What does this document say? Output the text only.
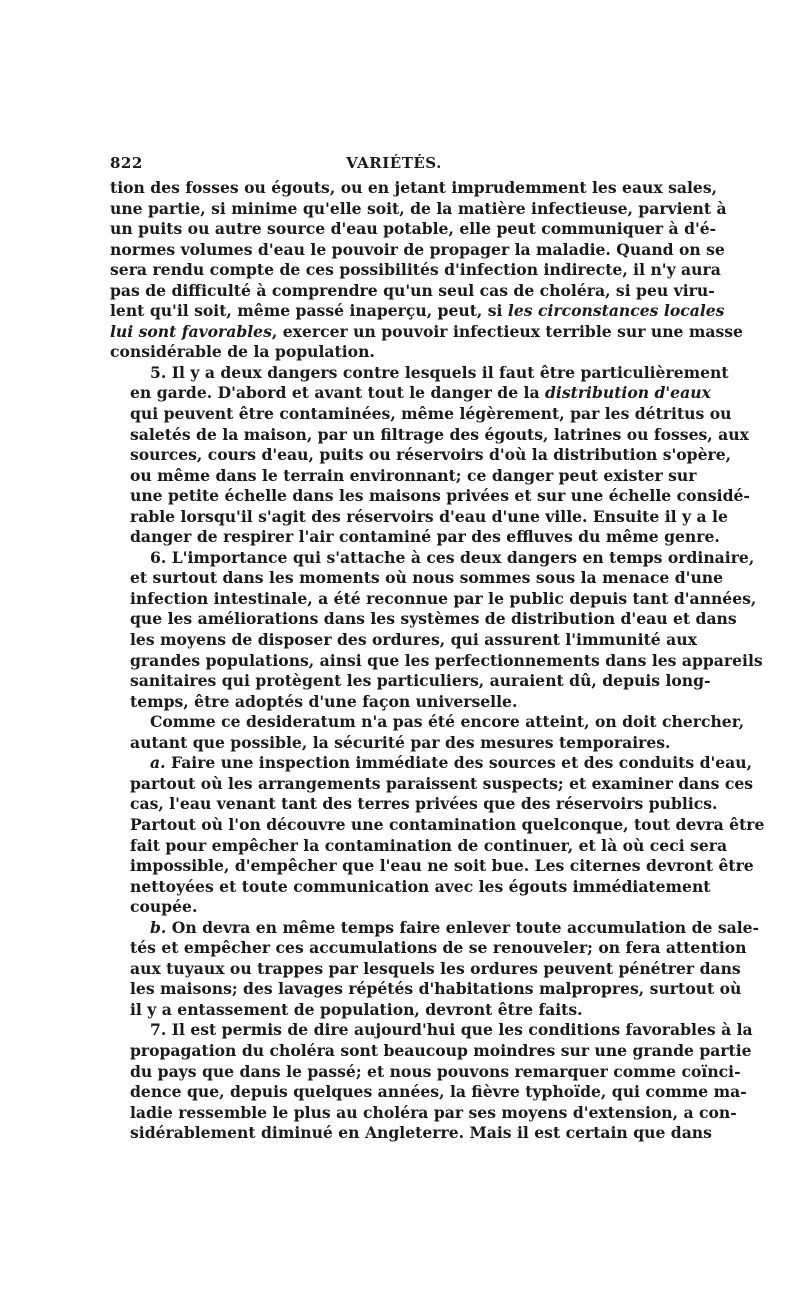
822	VARIÉTÉS.

tion des fosses ou égouts, ou en jetant imprudemment les eaux sales,
une partie, si minime qu'elle soit, de la matière infectieuse, parvient à
un puits ou autre source d'eau potable, elle peut communiquer à d'é-
normes volumes d'eau le pouvoir de propager la maladie. Quand on se
sera rendu compte de ces possibilités d'infection indirecte, il n'y aura
pas de difficulté à comprendre qu'un seul cas de choléra, si peu viru-
lent qu'il soit, même passé inaperçu, peut, si les circonstances locales
lui sont favorables, exercer un pouvoir infectieux terrible sur une masse
considérable de la population.

5. Il y a deux dangers contre lesquels il faut être particulièrement
en garde. D'abord et avant tout le danger de la distribution d'eaux
qui peuvent être contaminées, même légèrement, par les détritus ou
saletés de la maison, par un filtrage des égouts, latrines ou fosses, aux
sources, cours d'eau, puits ou réservoirs d'où la distribution s'opère,
ou même dans le terrain environnant; ce danger peut exister sur
une petite échelle dans les maisons privées et sur une échelle considé-
rable lorsqu'il s'agit des réservoirs d'eau d'une ville. Ensuite il y a le
danger de respirer l'air contaminé par des effluves du même genre.

6. L'importance qui s'attache à ces deux dangers en temps ordinaire,
et surtout dans les moments où nous sommes sous la menace d'une
infection intestinale, a été reconnue par le public depuis tant d'années,
que les améliorations dans les systèmes de distribution d'eau et dans
les moyens de disposer des ordures, qui assurent l'immunité aux
grandes populations, ainsi que les perfectionnements dans les appareils
sanitaires qui protègent les particuliers, auraient dû, depuis long-
temps, être adoptés d'une façon universelle.

Comme ce desideratum n'a pas été encore atteint, on doit chercher,
autant que possible, la sécurité par des mesures temporaires.

a. Faire une inspection immédiate des sources et des conduits d'eau,
partout où les arrangements paraissent suspects; et examiner dans ces
cas, l'eau venant tant des terres privées que des réservoirs publics.
Partout où l'on découvre une contamination quelconque, tout devra être
fait pour empêcher la contamination de continuer, et là où ceci sera
impossible, d'empêcher que l'eau ne soit bue. Les citernes devront être
nettoyées et toute communication avec les égouts immédiatement
coupée.

b. On devra en même temps faire enlever toute accumulation de sale-
tés et empêcher ces accumulations de se renouveler; on fera attention
aux tuyaux ou trappes par lesquels les ordures peuvent pénétrer dans
les maisons; des lavages répétés d'habitations malpropres, surtout où
il y a entassement de population, devront être faits.

7. Il est permis de dire aujourd'hui que les conditions favorables à la
propagation du choléra sont beaucoup moindres sur une grande partie
du pays que dans le passé; et nous pouvons remarquer comme coïnci-
dence que, depuis quelques années, la fièvre typhoïde, qui comme ma-
ladie ressemble le plus au choléra par ses moyens d'extension, a con-
sidérablement diminué en Angleterre. Mais il est certain que dans
